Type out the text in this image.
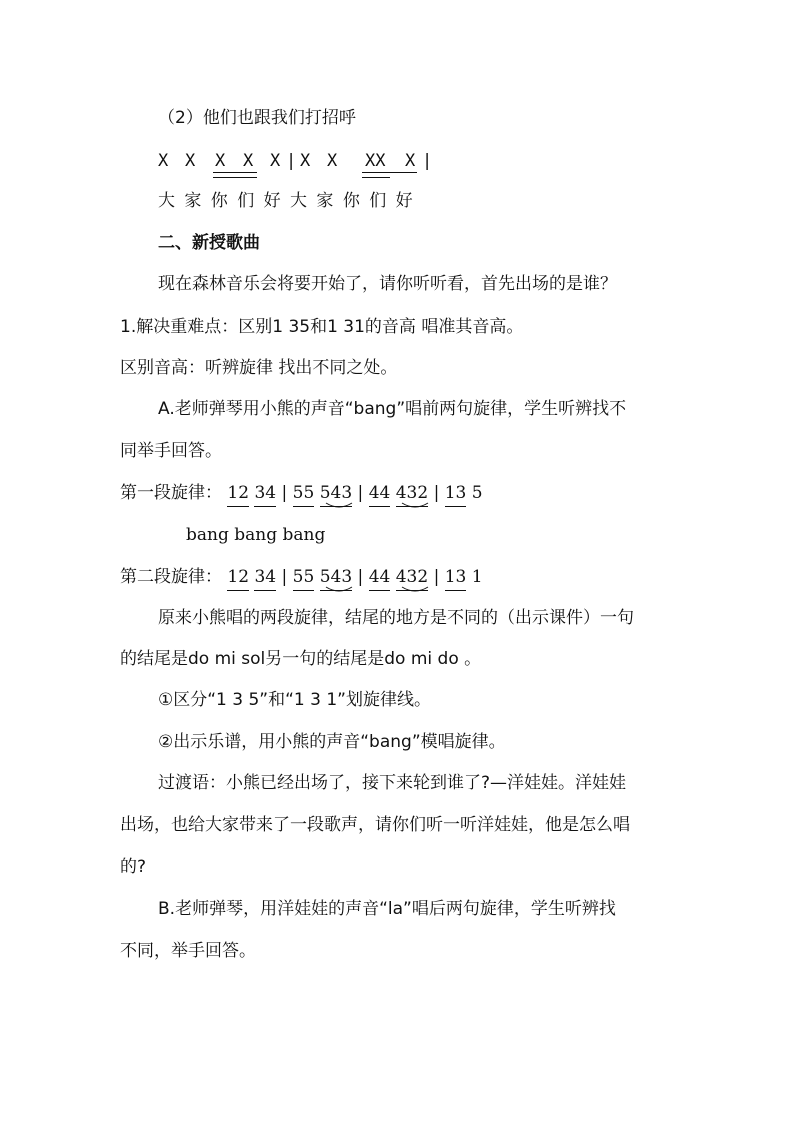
（2）他们也跟我们打招呼
X X X X X | X X XX X |
大 家 你 们 好 大 家 你 们 好
二、新授歌曲
现在森林音乐会将要开始了，请你听听看，首先出场的是谁？
1.解决重难点：区别1 35和1 31的音高 唱准其音高。
区别音高：听辨旋律 找出不同之处。
A.老师弹琴用小熊的声音“bang”唱前两句旋律，学生听辨找不
同举手回答。
第一段旋律： 12 34 | 55 543 | 44 432 | 13 5
bang bang bang
第二段旋律： 12 34 | 55 543 | 44 432 | 13 1
原来小熊唱的两段旋律，结尾的地方是不同的（出示课件）一句
的结尾是do mi sol另一句的结尾是do mi do 。
①区分“1 3 5”和“1 3 1”划旋律线。
②出示乐谱，用小熊的声音“bang”模唱旋律。
过渡语：小熊已经出场了，接下来轮到谁了?—洋娃娃。洋娃娃
出场，也给大家带来了一段歌声，请你们听一听洋娃娃，他是怎么唱
的?
B.老师弹琴，用洋娃娃的声音“la”唱后两句旋律，学生听辨找
不同，举手回答。
